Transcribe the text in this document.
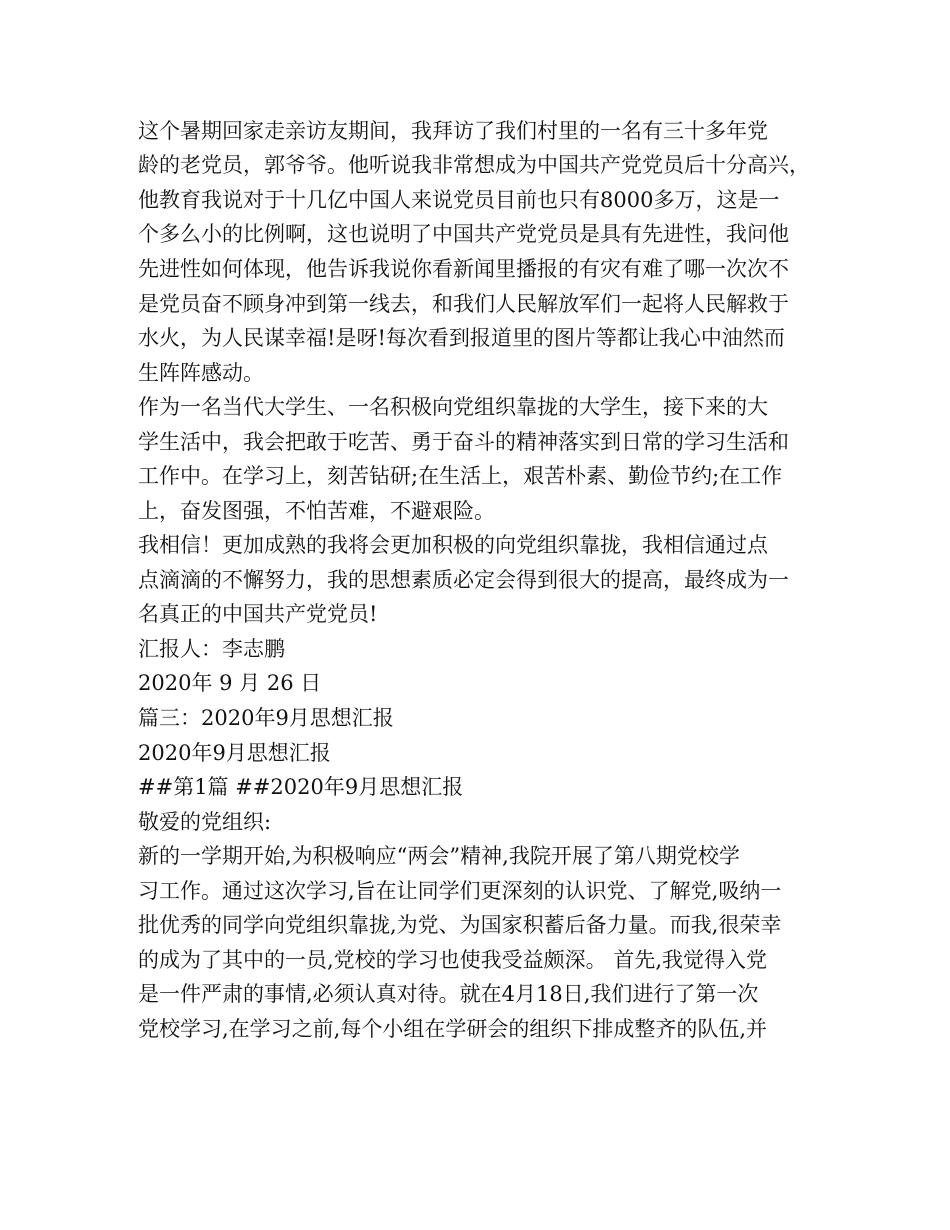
这个暑期回家走亲访友期间，我拜访了我们村里的一名有三十多年党
龄的老党员，郭爷爷。他听说我非常想成为中国共产党党员后十分高兴，
他教育我说对于十几亿中国人来说党员目前也只有8000多万，这是一
个多么小的比例啊，这也说明了中国共产党党员是具有先进性，我问他
先进性如何体现，他告诉我说你看新闻里播报的有灾有难了哪一次次不
是党员奋不顾身冲到第一线去，和我们人民解放军们一起将人民解救于
水火，为人民谋幸福!是呀!每次看到报道里的图片等都让我心中油然而
生阵阵感动。
作为一名当代大学生、一名积极向党组织靠拢的大学生，接下来的大
学生活中，我会把敢于吃苦、勇于奋斗的精神落实到日常的学习生活和
工作中。在学习上，刻苦钻研;在生活上，艰苦朴素、勤俭节约;在工作
上，奋发图强，不怕苦难，不避艰险。
我相信！更加成熟的我将会更加积极的向党组织靠拢，我相信通过点
点滴滴的不懈努力，我的思想素质必定会得到很大的提高，最终成为一
名真正的中国共产党党员!
汇报人：李志鹏
2020年 9 月 26 日
篇三：2020年9月思想汇报
2020年9月思想汇报
##第1篇 ##2020年9月思想汇报
敬爱的党组织:
新的一学期开始,为积极响应“两会”精神,我院开展了第八期党校学
习工作。通过这次学习,旨在让同学们更深刻的认识党、了解党,吸纳一
批优秀的同学向党组织靠拢,为党、为国家积蓄后备力量。而我,很荣幸
的成为了其中的一员,党校的学习也使我受益颇深。 首先,我觉得入党
是一件严肃的事情,必须认真对待。就在4月18日,我们进行了第一次
党校学习,在学习之前,每个小组在学研会的组织下排成整齐的队伍,并
